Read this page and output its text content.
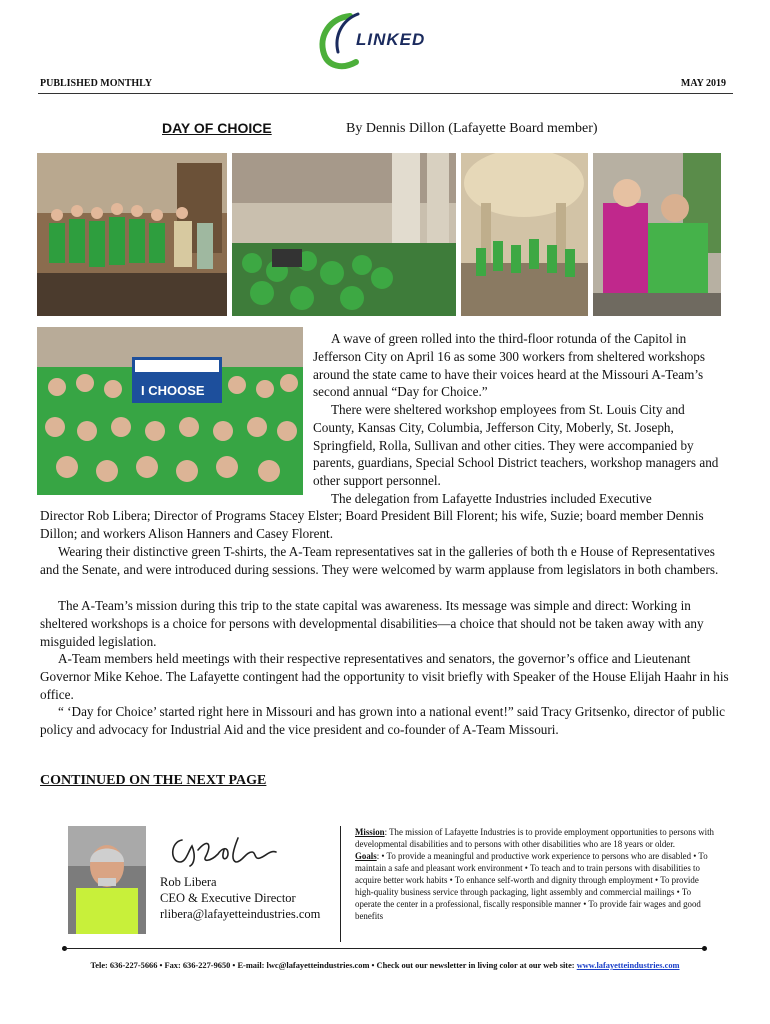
LINKED
PUBLISHED MONTHLY	MAY 2019
DAY OF CHOICE	By Dennis Dillon (Lafayette Board member)
I CHOOSE

A wave of green rolled into the third-floor rotunda of the Capitol in Jefferson City on April 16 as some 300 workers from sheltered workshops around the state came to have their voices heard at the Missouri A-Team’s second annual “Day for Choice.”

There were sheltered workshop employees from St. Louis City and County, Kansas City, Columbia, Jefferson City, Moberly, St. Joseph, Springfield, Rolla, Sullivan and other cities. They were accompanied by parents, guardians, Special School District teachers, workshop managers and other support personnel.

The delegation from Lafayette Industries included Executive

Director Rob Libera; Director of Programs Stacey Elster; Board President Bill Florent; his wife, Suzie; board member Dennis Dillon; and workers Alison Hanners and Casey Florent.

Wearing their distinctive green T-shirts, the A-Team representatives sat in the galleries of both th e House of Representatives and the Senate, and were introduced during sessions. They were welcomed by warm applause from legislators in both chambers.

The A-Team’s mission during this trip to the state capital was awareness. Its message was simple and direct: Working in sheltered workshops is a choice for persons with developmental disabilities—a choice that should not be taken away with any misguided legislation.

A-Team members held meetings with their respective representatives and senators, the governor’s office and Lieutenant Governor Mike Kehoe. The Lafayette contingent had the opportunity to visit briefly with Speaker of the House Elijah Haahr in his office.

“ ‘Day for Choice’ started right here in Missouri and has grown into a national event!” said Tracy Gritsenko, director of public policy and advocacy for Industrial Aid and the vice president and co-founder of A-Team Missouri.

CONTINUED ON THE NEXT PAGE
Rob Libera
CEO & Executive Director
rlibera@lafayetteindustries.com

Mission: The mission of Lafayette Industries is to provide employment opportunities to persons with developmental disabilities and to persons with other disabilities who are 18 years or older.

Goals: • To provide a meaningful and productive work experience to persons who are disabled • To maintain a safe and pleasant work environment • To teach and to train persons with disabilities to acquire better work habits • To enhance self-worth and dignity through employment • To provide high-quality business service through packaging, light assembly and commercial mailings • To operate the center in a professional, fiscally responsible manner • To provide fair wages and good benefits

Tele: 636-227-5666 • Fax: 636-227-9650 • E-mail: lwc@lafayetteindustries.com • Check out our newsletter in living color at our web site: www.lafayetteindustries.com
